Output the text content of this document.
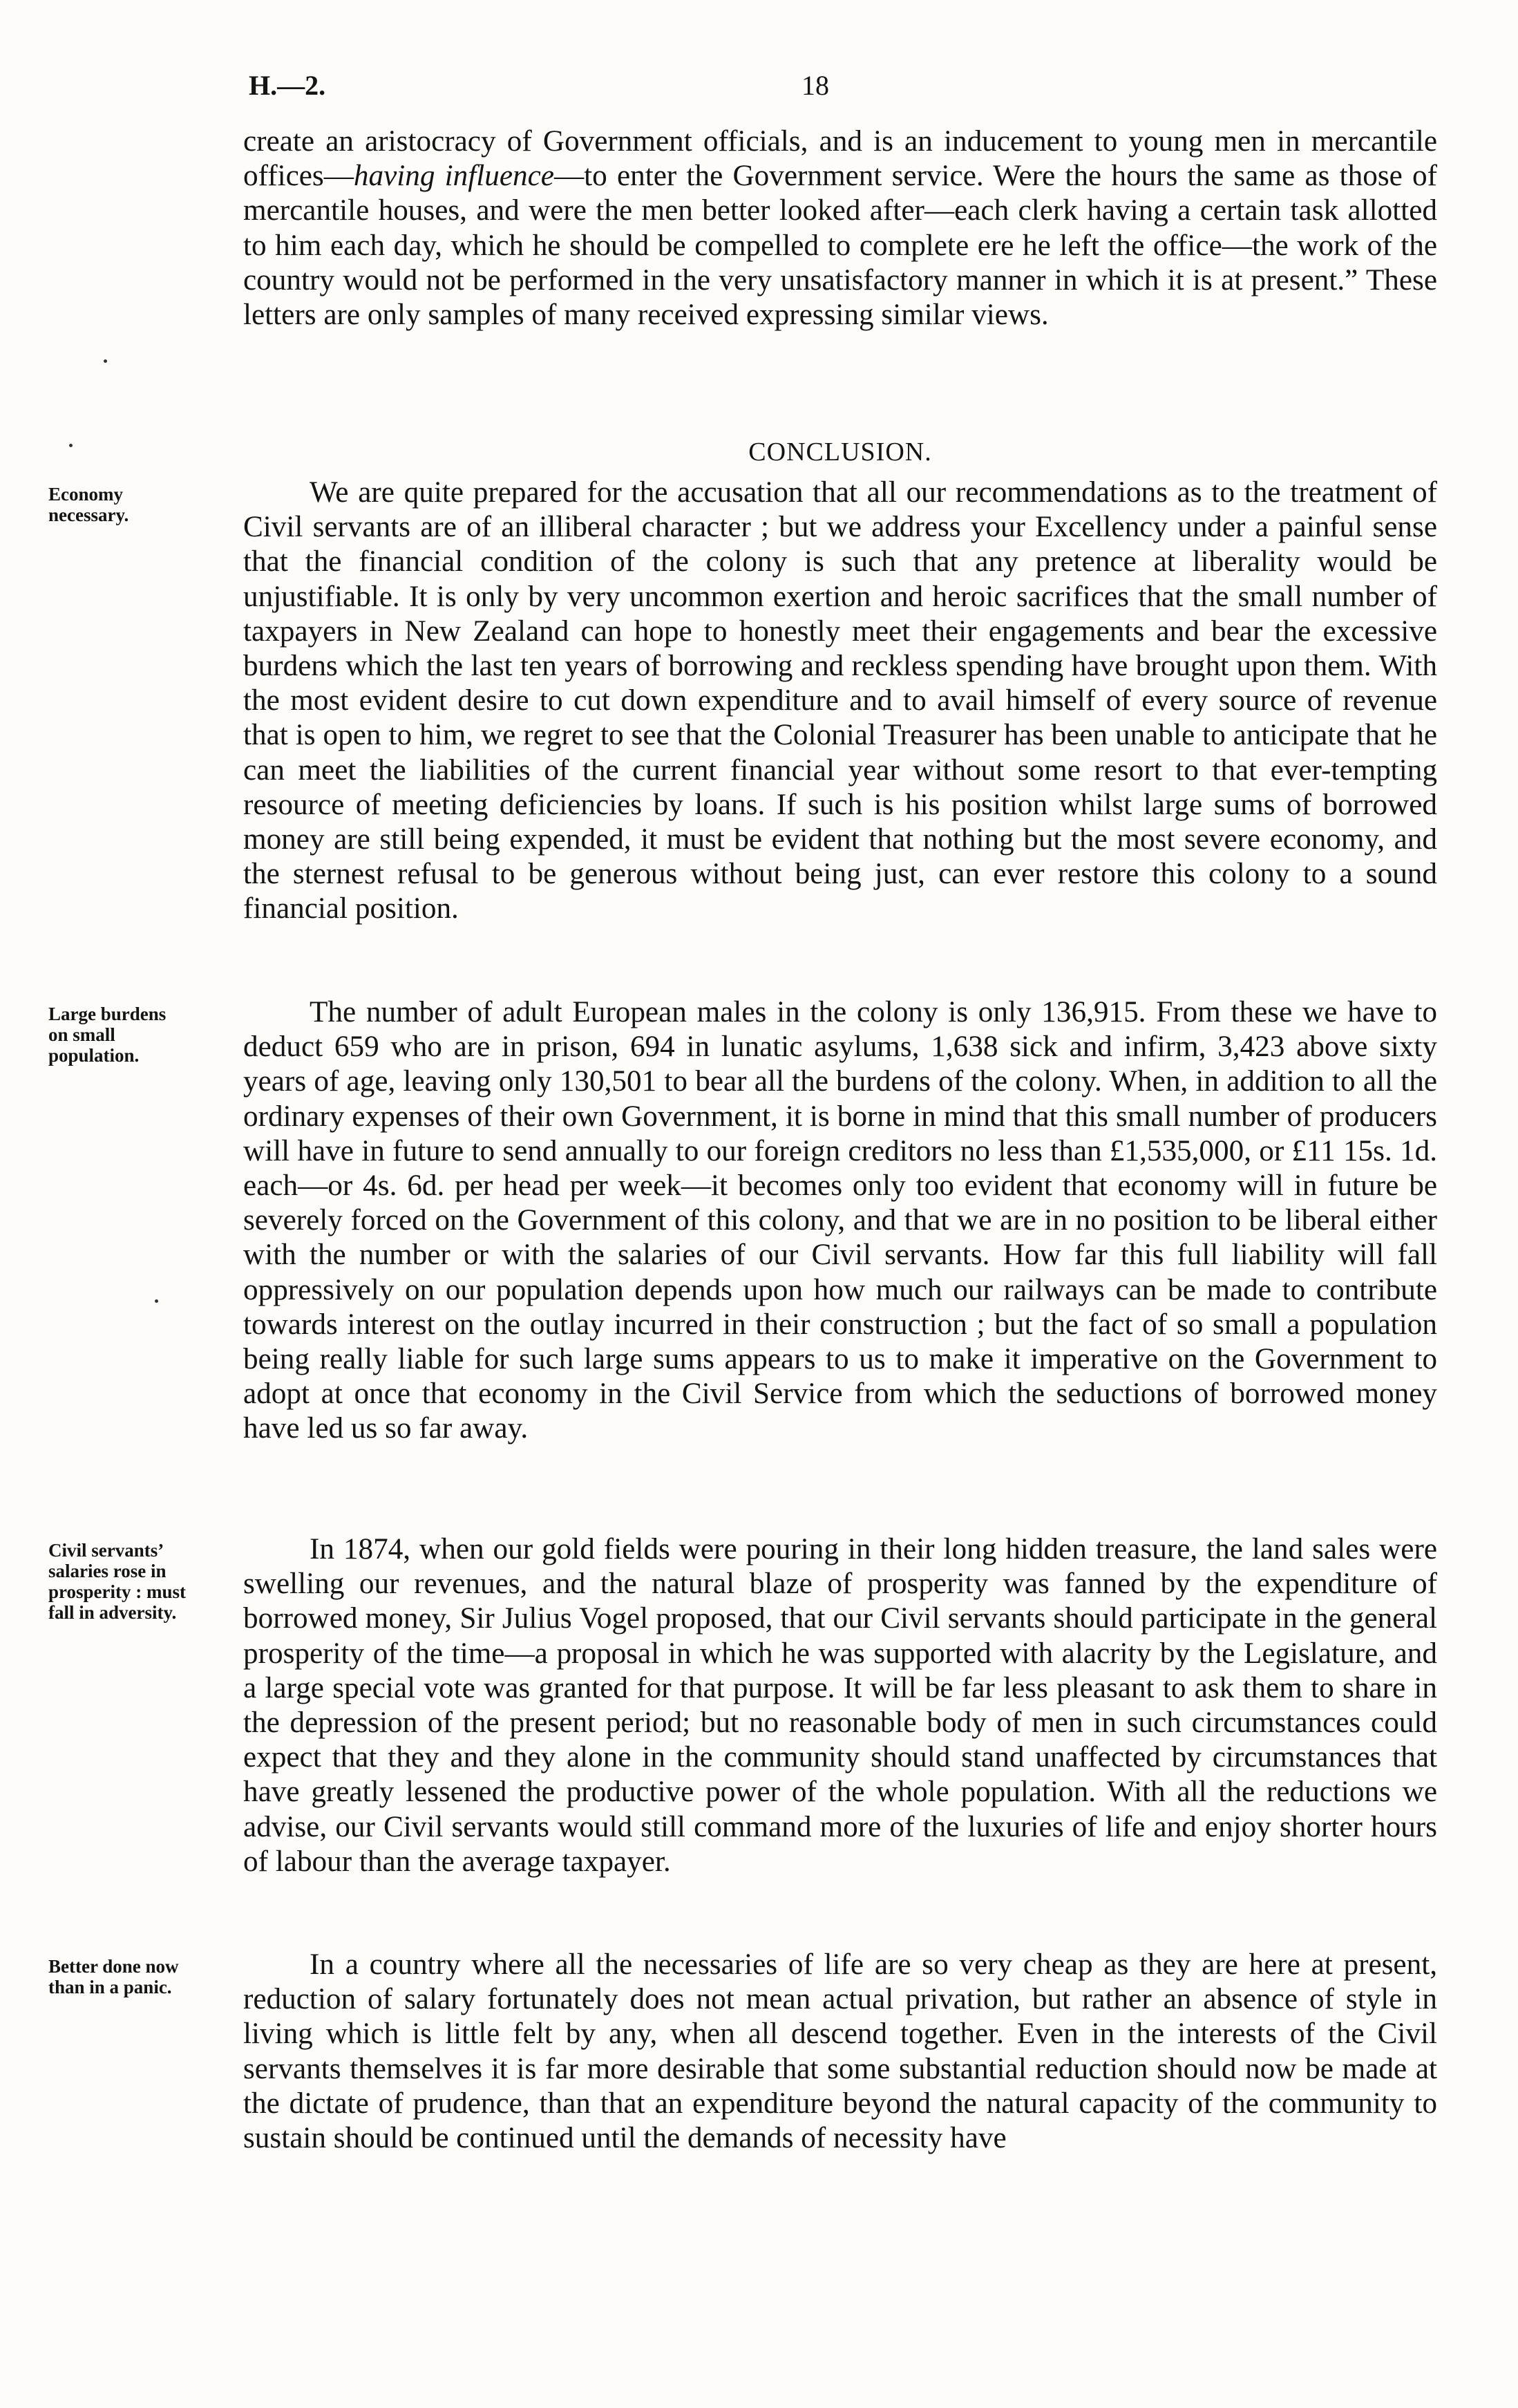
H.—2.	18

create an aristocracy of Government officials, and is an inducement to young men in mercantile offices—having influence—to enter the Government service. Were the hours the same as those of mercantile houses, and were the men better looked after—each clerk having a certain task allotted to him each day, which he should be compelled to complete ere he left the office—the work of the country would not be performed in the very unsatisfactory manner in which it is at present.” These letters are only samples of many received expressing similar views.

CONCLUSION.

We are quite prepared for the accusation that all our recommendations as to the treatment of Civil servants are of an illiberal character ; but we address your Excellency under a painful sense that the financial condition of the colony is such that any pretence at liberality would be unjustifiable. It is only by very uncommon exertion and heroic sacrifices that the small number of taxpayers in New Zealand can hope to honestly meet their engagements and bear the excessive burdens which the last ten years of borrowing and reckless spending have brought upon them. With the most evident desire to cut down expenditure and to avail himself of every source of revenue that is open to him, we regret to see that the Colonial Treasurer has been unable to anticipate that he can meet the liabilities of the current financial year without some resort to that ever-tempting resource of meeting deficiencies by loans. If such is his position whilst large sums of borrowed money are still being expended, it must be evident that nothing but the most severe economy, and the sternest refusal to be generous without being just, can ever restore this colony to a sound financial position.

The number of adult European males in the colony is only 136,915. From these we have to deduct 659 who are in prison, 694 in lunatic asylums, 1,638 sick and infirm, 3,423 above sixty years of age, leaving only 130,501 to bear all the burdens of the colony. When, in addition to all the ordinary expenses of their own Government, it is borne in mind that this small number of producers will have in future to send annually to our foreign creditors no less than £1,535,000, or £11 15s. 1d. each—or 4s. 6d. per head per week—it becomes only too evident that economy will in future be severely forced on the Government of this colony, and that we are in no position to be liberal either with the number or with the salaries of our Civil servants. How far this full liability will fall oppressively on our population depends upon how much our railways can be made to contribute towards interest on the outlay incurred in their construction ; but the fact of so small a population being really liable for such large sums appears to us to make it imperative on the Government to adopt at once that economy in the Civil Service from which the seductions of borrowed money have led us so far away.

In 1874, when our gold fields were pouring in their long hidden treasure, the land sales were swelling our revenues, and the natural blaze of prosperity was fanned by the expenditure of borrowed money, Sir Julius Vogel proposed, that our Civil servants should participate in the general prosperity of the time—a proposal in which he was supported with alacrity by the Legislature, and a large special vote was granted for that purpose. It will be far less pleasant to ask them to share in the depression of the present period; but no reasonable body of men in such circumstances could expect that they and they alone in the community should stand unaffected by circumstances that have greatly lessened the productive power of the whole population. With all the reductions we advise, our Civil servants would still command more of the luxuries of life and enjoy shorter hours of labour than the average taxpayer.

In a country where all the necessaries of life are so very cheap as they are here at present, reduction of salary fortunately does not mean actual privation, but rather an absence of style in living which is little felt by any, when all descend together. Even in the interests of the Civil servants themselves it is far more desirable that some substantial reduction should now be made at the dictate of prudence, than that an expenditure beyond the natural capacity of the community to sustain should be continued until the demands of necessity have

Economy
necessary.
Large burdens
on small
population.
Civil servants’
salaries rose in
prosperity : must
fall in adversity.
Better done now
than in a panic.
